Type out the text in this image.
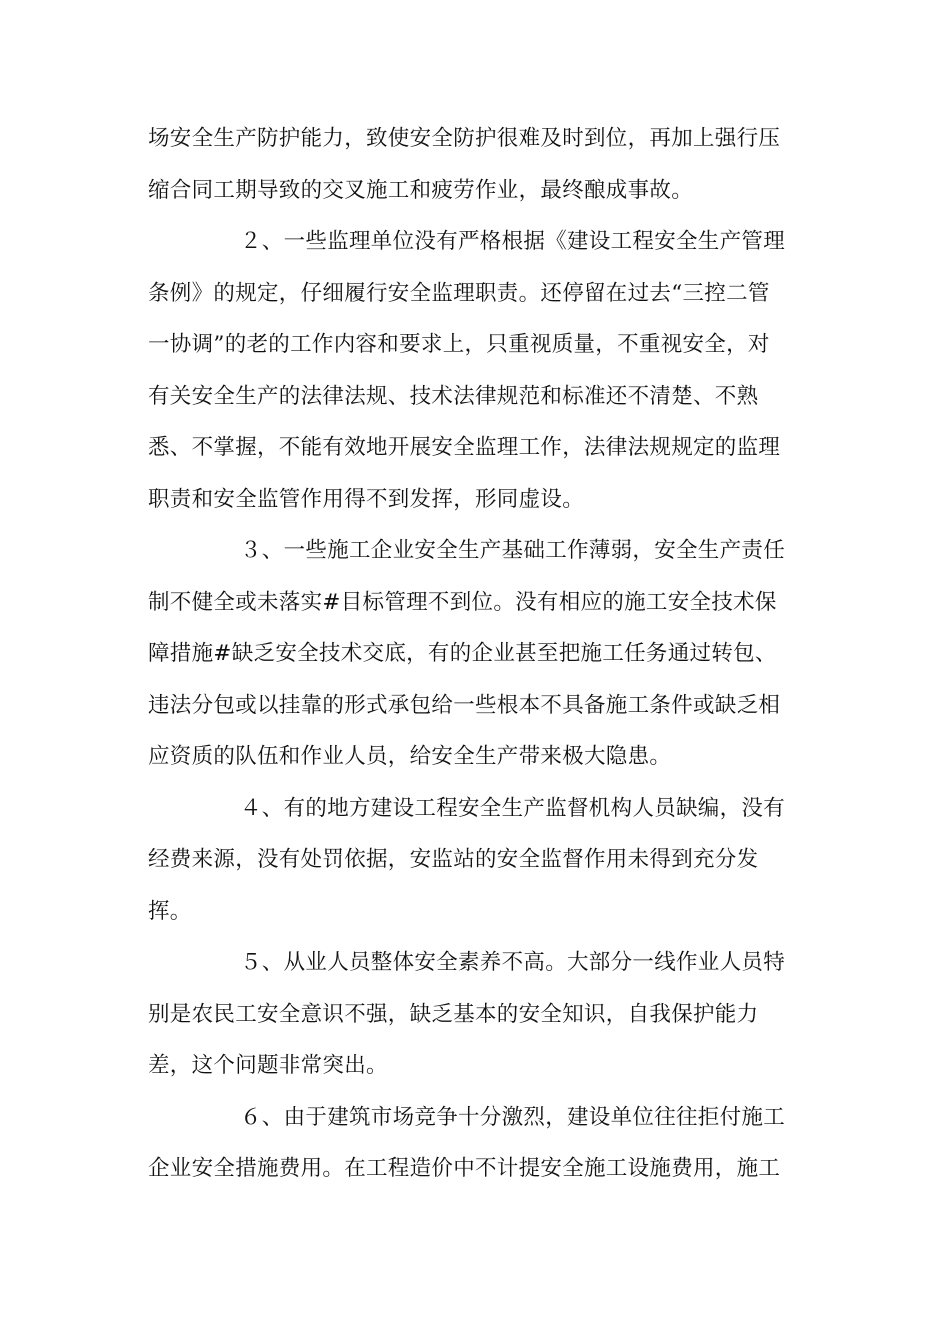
场安全生产防护能力，致使安全防护很难及时到位，再加上强行压
缩合同工期导致的交叉施工和疲劳作业，最终酿成事故。
２、一些监理单位没有严格根据《建设工程安全生产管理
条例》的规定，仔细履行安全监理职责。还停留在过去“三控二管
一协调”的老的工作内容和要求上，只重视质量，不重视安全，对
有关安全生产的法律法规、技术法律规范和标准还不清楚、不熟
悉、不掌握，不能有效地开展安全监理工作，法律法规规定的监理
职责和安全监管作用得不到发挥，形同虚设。
３、一些施工企业安全生产基础工作薄弱，安全生产责任
制不健全或未落实#目标管理不到位。没有相应的施工安全技术保
障措施#缺乏安全技术交底，有的企业甚至把施工任务通过转包、
违法分包或以挂靠的形式承包给一些根本不具备施工条件或缺乏相
应资质的队伍和作业人员，给安全生产带来极大隐患。
４、有的地方建设工程安全生产监督机构人员缺编，没有
经费来源，没有处罚依据，安监站的安全监督作用未得到充分发
挥。
５、从业人员整体安全素养不高。大部分一线作业人员特
别是农民工安全意识不强，缺乏基本的安全知识，自我保护能力
差，这个问题非常突出。
６、由于建筑市场竞争十分激烈，建设单位往往拒付施工
企业安全措施费用。在工程造价中不计提安全施工设施费用，施工
